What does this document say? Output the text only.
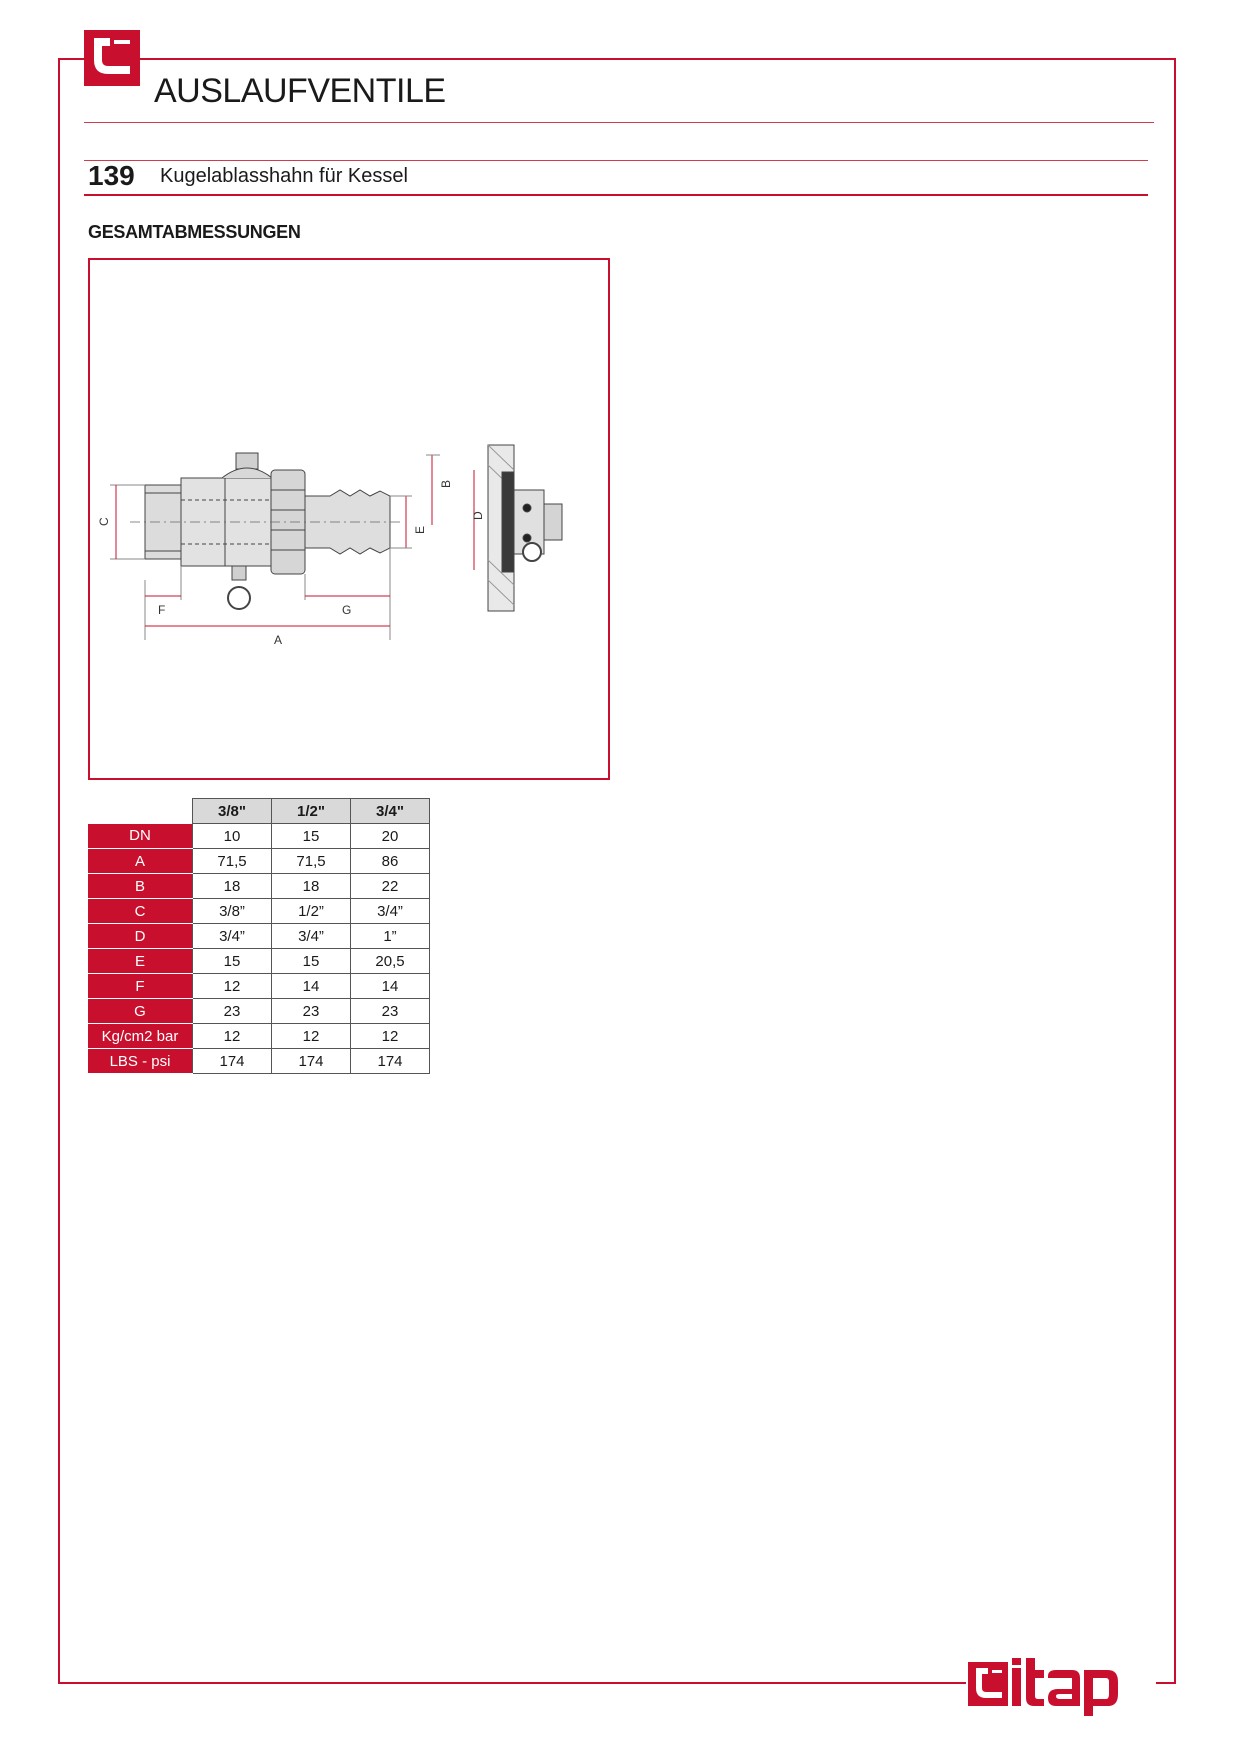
AUSLAUFVENTILE
139 Kugelablasshahn für Kessel
GESAMTABMESSUNGEN
C
F	G
A
E
B
D
	3/8"	1/2"	3/4"
DN	10	15	20
A	71,5	71,5	86
B	18	18	22
C	3/8”	1/2”	3/4”
D	3/4”	3/4”	1”
E	15	15	20,5
F	12	14	14
G	23	23	23
Kg/cm2 bar	12	12	12
LBS - psi	174	174	174
